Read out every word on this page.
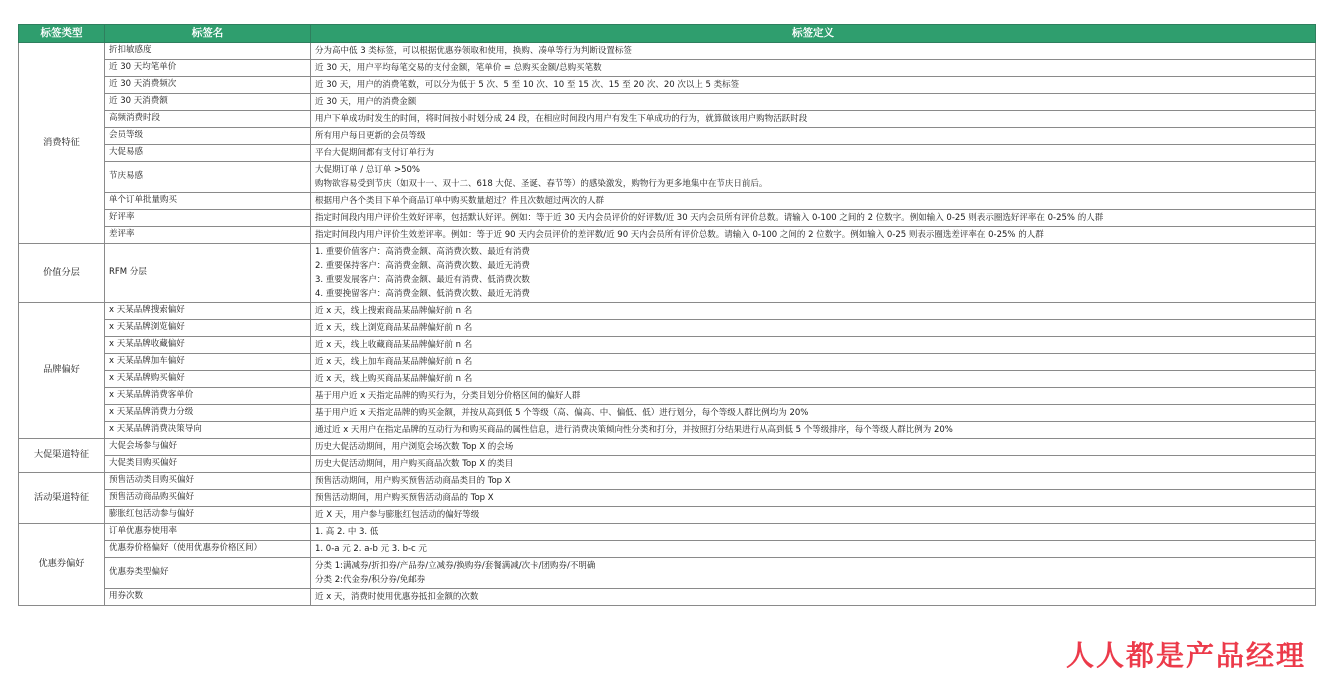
标签类型	标签名	标签定义
消费特征	折扣敏感度	分为高中低 3 类标签，可以根据优惠券领取和使用，换购、凑单等行为判断设置标签

	近 30 天均笔单价	近 30 天，用户平均每笔交易的支付金额，笔单价 = 总购买金额/总购买笔数

	近 30 天消费频次	近 30 天，用户的消费笔数，可以分为低于 5 次、5 至 10 次、10 至 15 次、15 至 20 次、20 次以上 5 类标签

	近 30 天消费额	近 30 天，用户的消费金额

	高频消费时段	用户下单成功时发生的时间，将时间按小时划分成 24 段，在相应时间段内用户有发生下单成功的行为，就算做该用户购物活跃时段

	会员等级	所有用户每日更新的会员等级

	大促易感	平台大促期间都有支付订单行为

	节庆易感	大促期订单 / 总订单 >50%
购物欲容易受到节庆（如双十一、双十二、618 大促、圣诞、春节等）的感染激发，购物行为更多地集中在节庆日前后。

	单个订单批量购买	根据用户各个类目下单个商品订单中购买数量超过？件且次数超过两次的人群

	好评率	指定时间段内用户评价生效好评率，包括默认好评。例如：等于近 30 天内会员评价的好评数/近 30 天内会员所有评价总数。请输入 0-100 之间的 2 位数字。例如输入 0-25 则表示圈选好评率在 0-25% 的人群

	差评率	指定时间段内用户评价生效差评率。例如：等于近 90 天内会员评价的差评数/近 90 天内会员所有评价总数。请输入 0-100 之间的 2 位数字。例如输入 0-25 则表示圈选差评率在 0-25% 的人群

价值分层	RFM 分层	1. 重要价值客户：高消费金额、高消费次数、最近有消费
2. 重要保持客户：高消费金额、高消费次数、最近无消费
3. 重要发展客户：高消费金额、最近有消费、低消费次数
4. 重要挽留客户：高消费金额、低消费次数、最近无消费

品牌偏好	x 天某品牌搜索偏好	近 x 天，线上搜索商品某品牌偏好前 n 名

	x 天某品牌浏览偏好	近 x 天，线上浏览商品某品牌偏好前 n 名

	x 天某品牌收藏偏好	近 x 天，线上收藏商品某品牌偏好前 n 名

	x 天某品牌加车偏好	近 x 天，线上加车商品某品牌偏好前 n 名

	x 天某品牌购买偏好	近 x 天，线上购买商品某品牌偏好前 n 名

	x 天某品牌消费客单价	基于用户近 x 天指定品牌的购买行为，分类目划分价格区间的偏好人群

	x 天某品牌消费力分级	基于用户近 x 天指定品牌的购买金额，并按从高到低 5 个等级（高、偏高、中、偏低、低）进行划分，每个等级人群比例均为 20%

	x 天某品牌消费决策导向	通过近 x 天用户在指定品牌的互动行为和购买商品的属性信息，进行消费决策倾向性分类和打分，并按照打分结果进行从高到低 5 个等级排序，每个等级人群比例为 20%

大促渠道特征	大促会场参与偏好	历史大促活动期间，用户浏览会场次数 Top X 的会场

	大促类目购买偏好	历史大促活动期间，用户购买商品次数 Top X 的类目

活动渠道特征	预售活动类目购买偏好	预售活动期间，用户购买预售活动商品类目的 Top X

	预售活动商品购买偏好	预售活动期间，用户购买预售活动商品的 Top X

	膨胀红包活动参与偏好	近 X 天，用户参与膨胀红包活动的偏好等级

优惠券偏好	订单优惠券使用率	1. 高 2. 中 3. 低

	优惠券价格偏好（使用优惠券价格区间）	1. 0-a 元 2. a-b 元 3. b-c 元

	优惠券类型偏好	分类 1:满减券/折扣券/产品券/立减券/换购券/套餐满减/次卡/团购券/不明确
分类 2:代金券/积分券/免邮券

	用券次数	近 x 天，消费时使用优惠券抵扣金额的次数
人人都是产品经理
